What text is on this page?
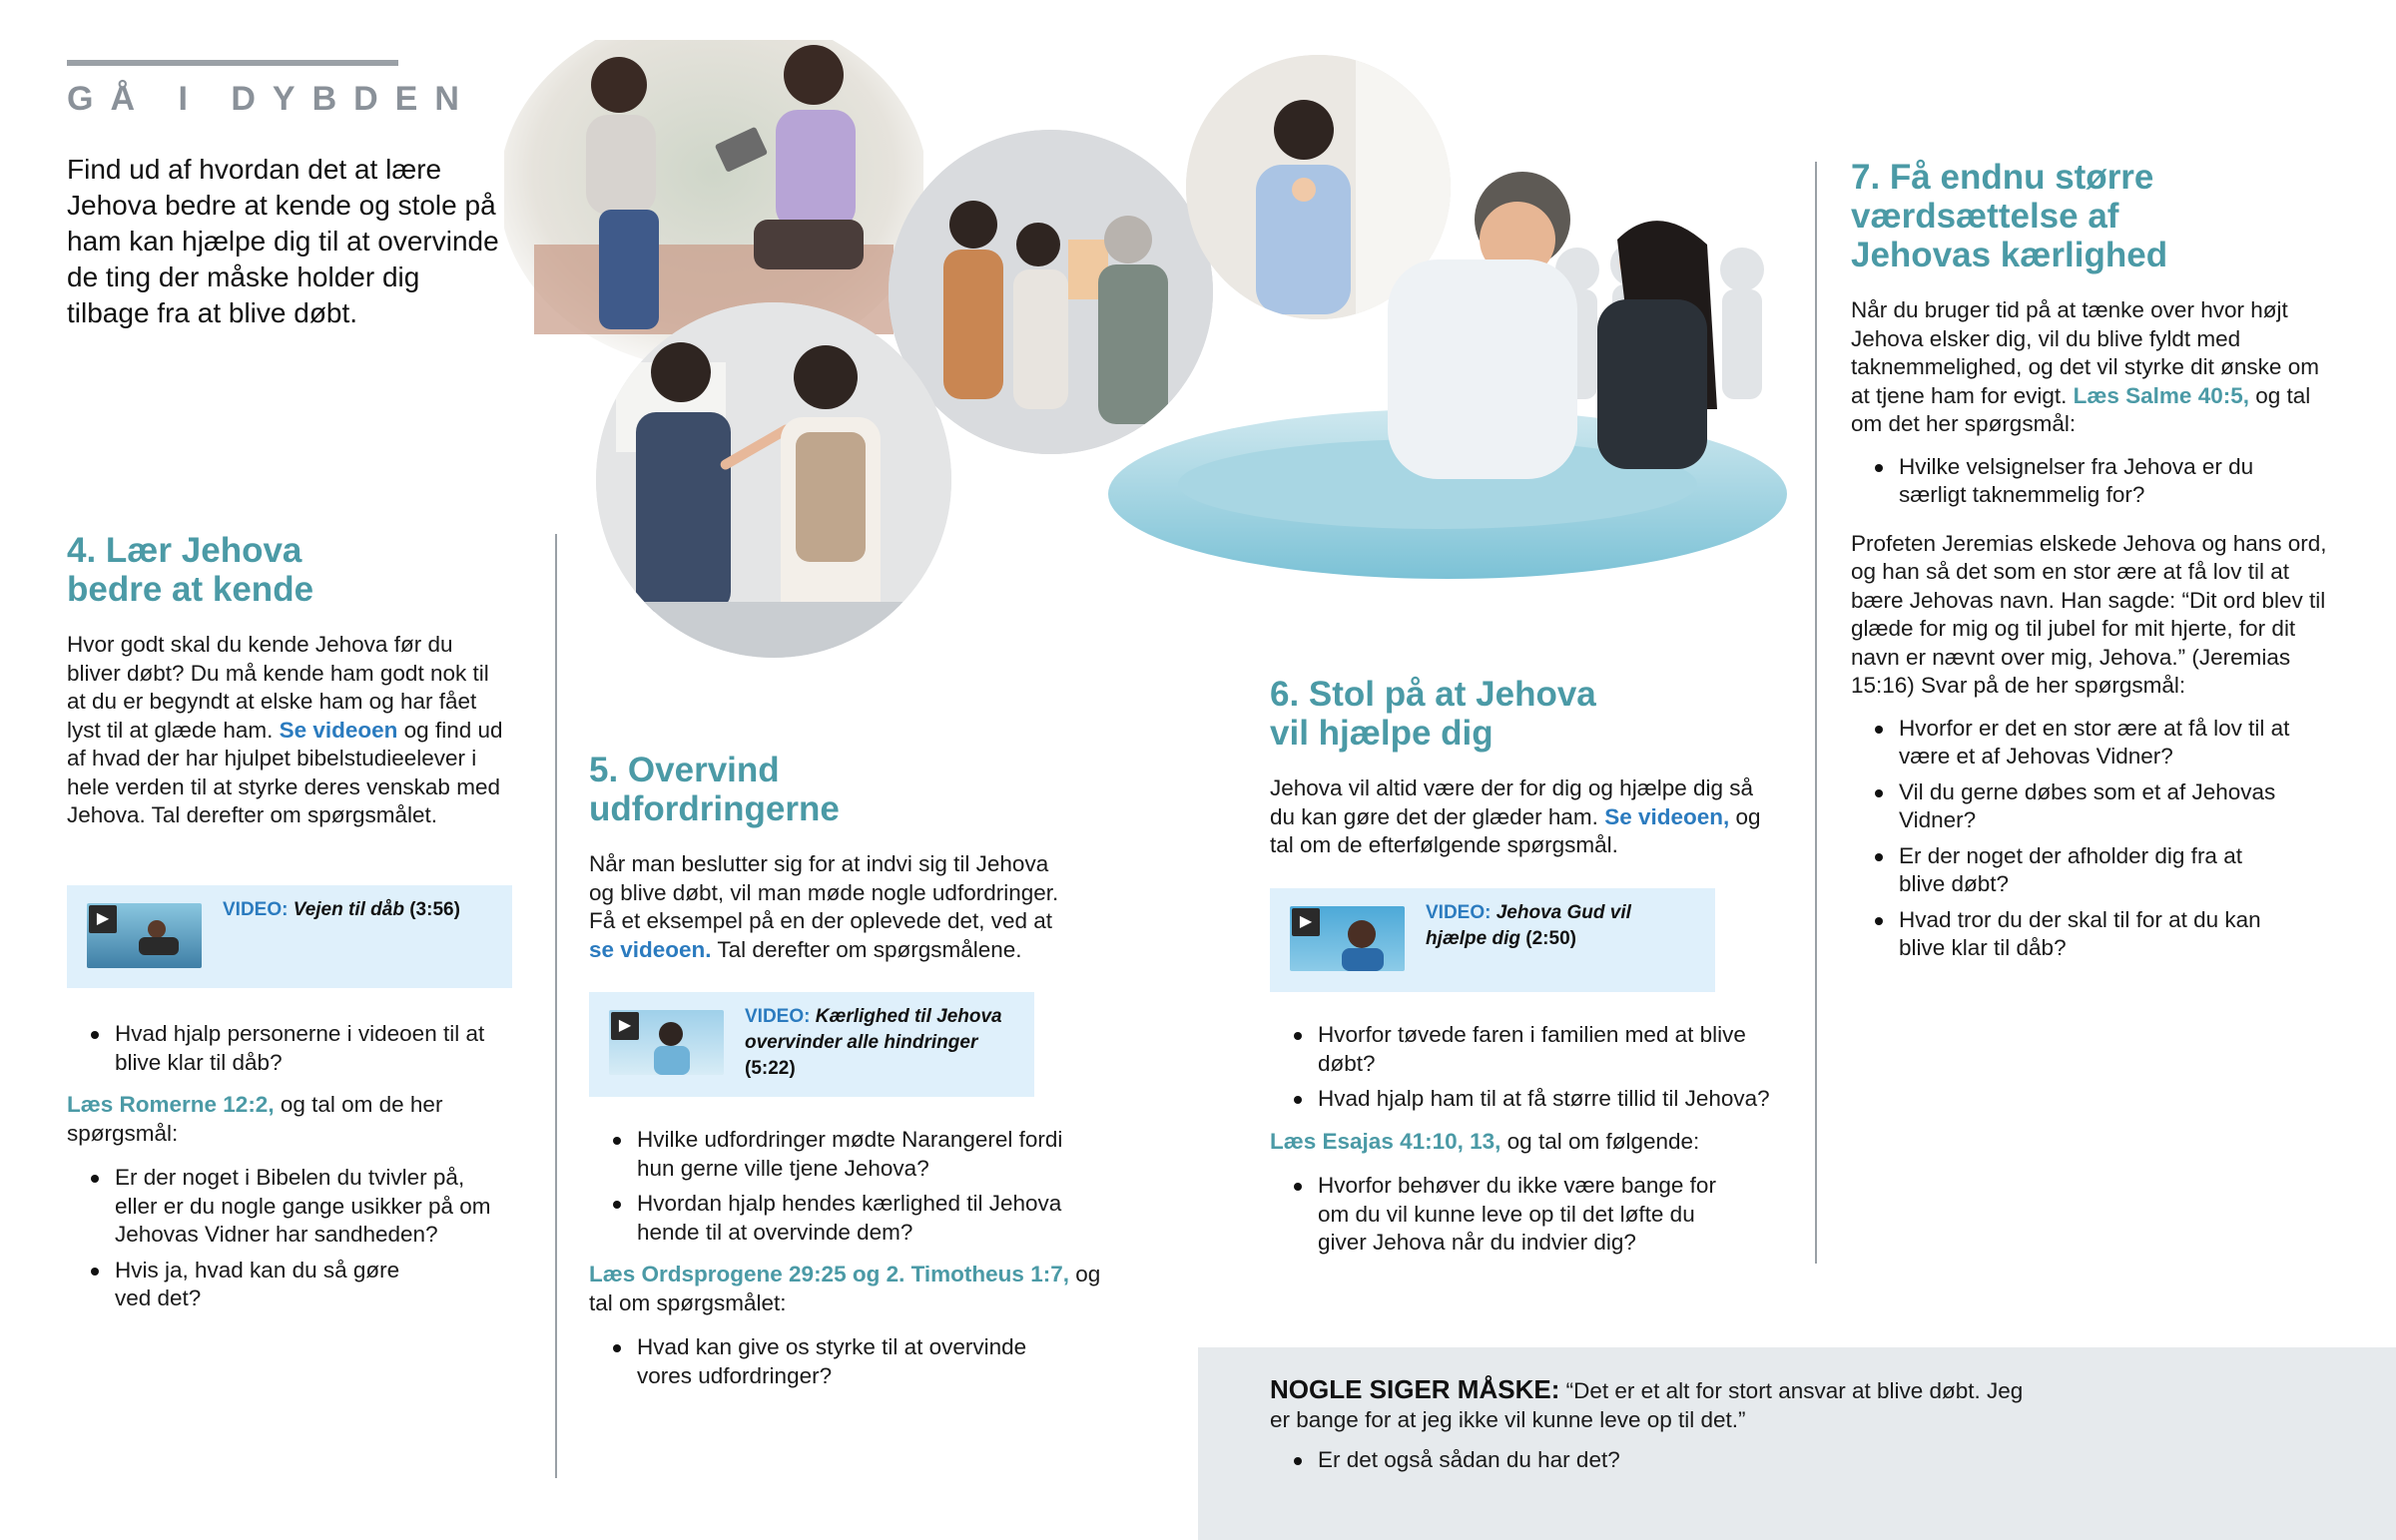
GÅ I DYBDEN
Find ud af hvordan det at lære Jehova bedre at kende og stole på ham kan hjælpe dig til at overvinde de ting der måske holder dig tilbage fra at blive døbt.
4. Lær Jehova
bedre at kende
Hvor godt skal du kende Jehova før du bliver døbt? Du må kende ham godt nok til at du er begyndt at elske ham og har fået lyst til at glæde ham. Se videoen og find ud af hvad der har hjulpet bibelstudieelever i hele verden til at styrke deres venskab med Jehova. Tal derefter om spørgsmålet.
▶	VIDEO: Vejen til dåb (3:56)
Hvad hjalp personerne i videoen til at blive klar til dåb?
Læs Romerne 12:2, og tal om de her spørgsmål:
Er der noget i Bibelen du tvivler på, eller er du nogle gange usikker på om Jehovas Vidner har sandheden?
Hvis ja, hvad kan du så gøre ved det?
5. Overvind
udfordringerne
Når man beslutter sig for at indvi sig til Jehova og blive døbt, vil man møde nogle udfordringer. Få et eksempel på en der oplevede det, ved at se videoen. Tal derefter om spørgsmålene.
▶	VIDEO: Kærlighed til Jehova overvinder alle hindringer (5:22)
Hvilke udfordringer mødte Narangerel fordi hun gerne ville tjene Jehova?
Hvordan hjalp hendes kærlighed til Jehova hende til at overvinde dem?
Læs Ordsprogene 29:25 og 2. Timotheus 1:7, og tal om spørgsmålet:
Hvad kan give os styrke til at overvinde vores udfordringer?
6. Stol på at Jehova
vil hjælpe dig
Jehova vil altid være der for dig og hjælpe dig så du kan gøre det der glæder ham. Se videoen, og tal om de efterfølgende spørgsmål.
▶	VIDEO: Jehova Gud vil hjælpe dig (2:50)
Hvorfor tøvede faren i familien med at blive døbt?
Hvad hjalp ham til at få større tillid til Jehova?
Læs Esajas 41:10, 13, og tal om følgende:
Hvorfor behøver du ikke være bange for om du vil kunne leve op til det løfte du giver Jehova når du indvier dig?
7. Få endnu større
værdsættelse af
Jehovas kærlighed
Når du bruger tid på at tænke over hvor højt Jehova elsker dig, vil du blive fyldt med taknemmelighed, og det vil styrke dit ønske om at tjene ham for evigt. Læs Salme 40:5, og tal om det her spørgsmål:
Hvilke velsignelser fra Jehova er du særligt taknemmelig for?
Profeten Jeremias elskede Jehova og hans ord, og han så det som en stor ære at få lov til at bære Jehovas navn. Han sagde: “Dit ord blev til glæde for mig og til jubel for mit hjerte, for dit navn er nævnt over mig, Jehova.” (Jeremias 15:16) Svar på de her spørgsmål:
Hvorfor er det en stor ære at få lov til at være et af Jehovas Vidner?
Vil du gerne døbes som et af Jehovas Vidner?
Er der noget der afholder dig fra at blive døbt?
Hvad tror du der skal til for at du kan blive klar til dåb?
NOGLE SIGER MÅSKE: “Det er et alt for stort ansvar at blive døbt. Jeg er bange for at jeg ikke vil kunne leve op til det.”
Er det også sådan du har det?
